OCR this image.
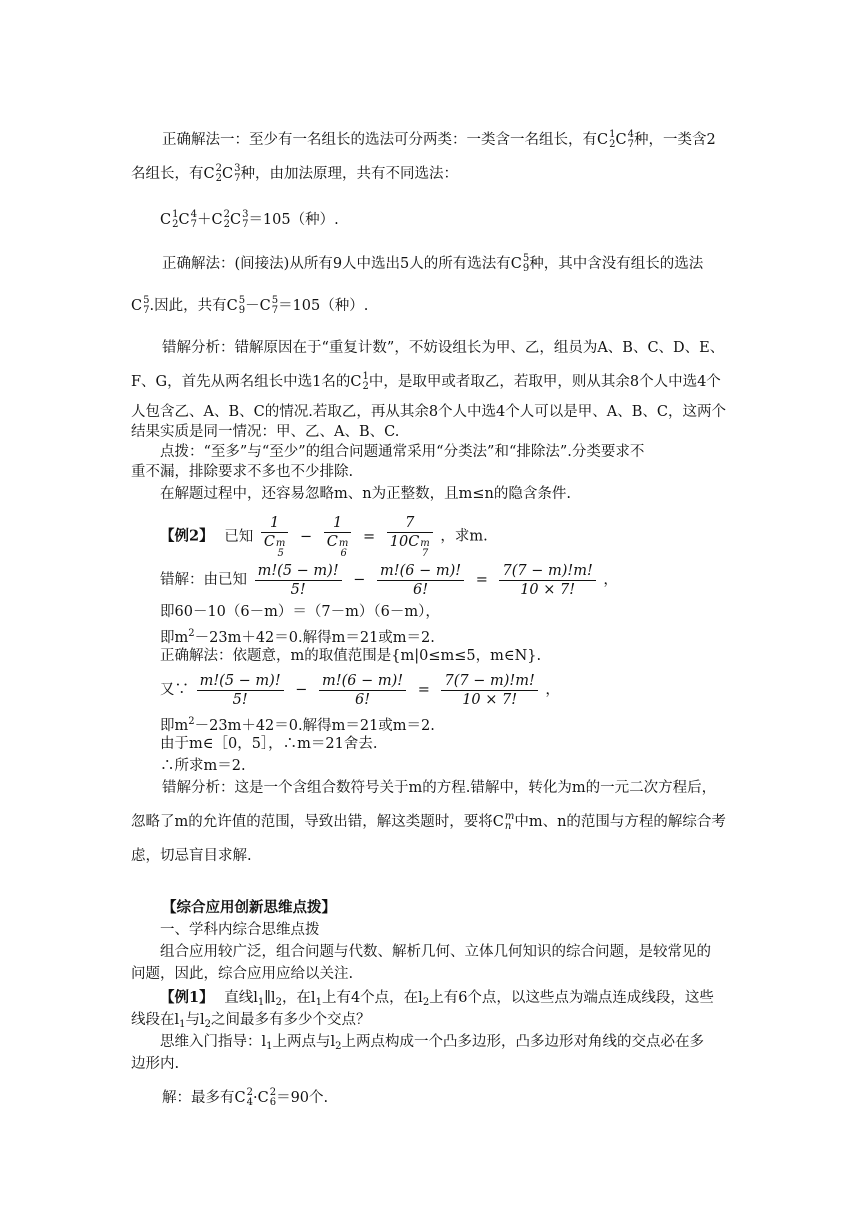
正确解法一：至少有一名组长的选法可分两类：一类含一名组长，有C 1
2 C 4
7 种，一类含2
名组长，有C 2
2 C 3
7 种，由加法原理，共有不同选法：
C 1
2 C 4
7 ＋C 2
2 C 3
7 ＝105（种）.
正确解法：(间接法)从所有9人中选出5人的所有选法有C 5
9 种，其中含没有组长的选法
C 5
7 .因此，共有C 5
9 －C 5
7 ＝105（种）.
错解分析：错解原因在于“重复计数”，不妨设组长为甲、乙，组员为A、B、C、D、E、
F、G，首先从两名组长中选1名的C 1
2 中，是取甲或者取乙，若取甲，则从其余8个人中选4个
人包含乙、A、B、C的情况.若取乙，再从其余8个人中选4个人可以是甲、A、B、C，这两个
结果实质是同一情况：甲、乙、A、B、C.
点拨：“至多”与“至少”的组合问题通常采用“分类法”和“排除法”.分类要求不
重不漏，排除要求不多也不少排除.
在解题过程中，还容易忽略m、n为正整数，且m≤n的隐含条件.
【例2】 已知 1
C m
5 − 1
C m
6 = 7
10C m
7 ，求m.
错解：由已知 $\frac{m!(5 - m)!}{5!} - \frac{m!(6 - m)!}{6!} = \frac{7(7 - m)!m!}{10 \times 7!}$ ，
即60－10（6－m）＝（7－m）（6－m），
即$m^2-23m+42=0$.解得m＝21或m＝2.
正确解法：依题意，m的取值范围是{m|0≤m≤5，m∈N}.
又∵ $\frac{m!(5 - m)!}{5!} - \frac{m!(6 - m)!}{6!} = \frac{7(7 - m)!m!}{10 \times 7!}$ ，
即$m^2-23m+42=0$.解得m＝21或m＝2.
由于m∈［0，5］，∴m＝21舍去.
∴所求m＝2.
错解分析：这是一个含组合数符号关于m的方程.错解中，转化为m的一元二次方程后，
忽略了m的允许值的范围，导致出错，解这类题时，要将C m
n 中m、n的范围与方程的解综合考
虑，切忌盲目求解.
【综合应用创新思维点拨】
一、学科内综合思维点拨
组合应用较广泛，组合问题与代数、解析几何、立体几何知识的综合问题，是较常见的
问题，因此，综合应用应给以关注.
【例1】 直线$l_1\parallel l_2$，在$l_1$上有4个点，在$l_2$上有6个点，以这些点为端点连成线段，这些
线段在$l_1$与$l_2$之间最多有多少个交点？
思维入门指导：$l_1$上两点与$l_2$上两点构成一个凸多边形，凸多边形对角线的交点必在多
边形内.
解：最多有C 2
4 ·C 2
6 ＝90个.
